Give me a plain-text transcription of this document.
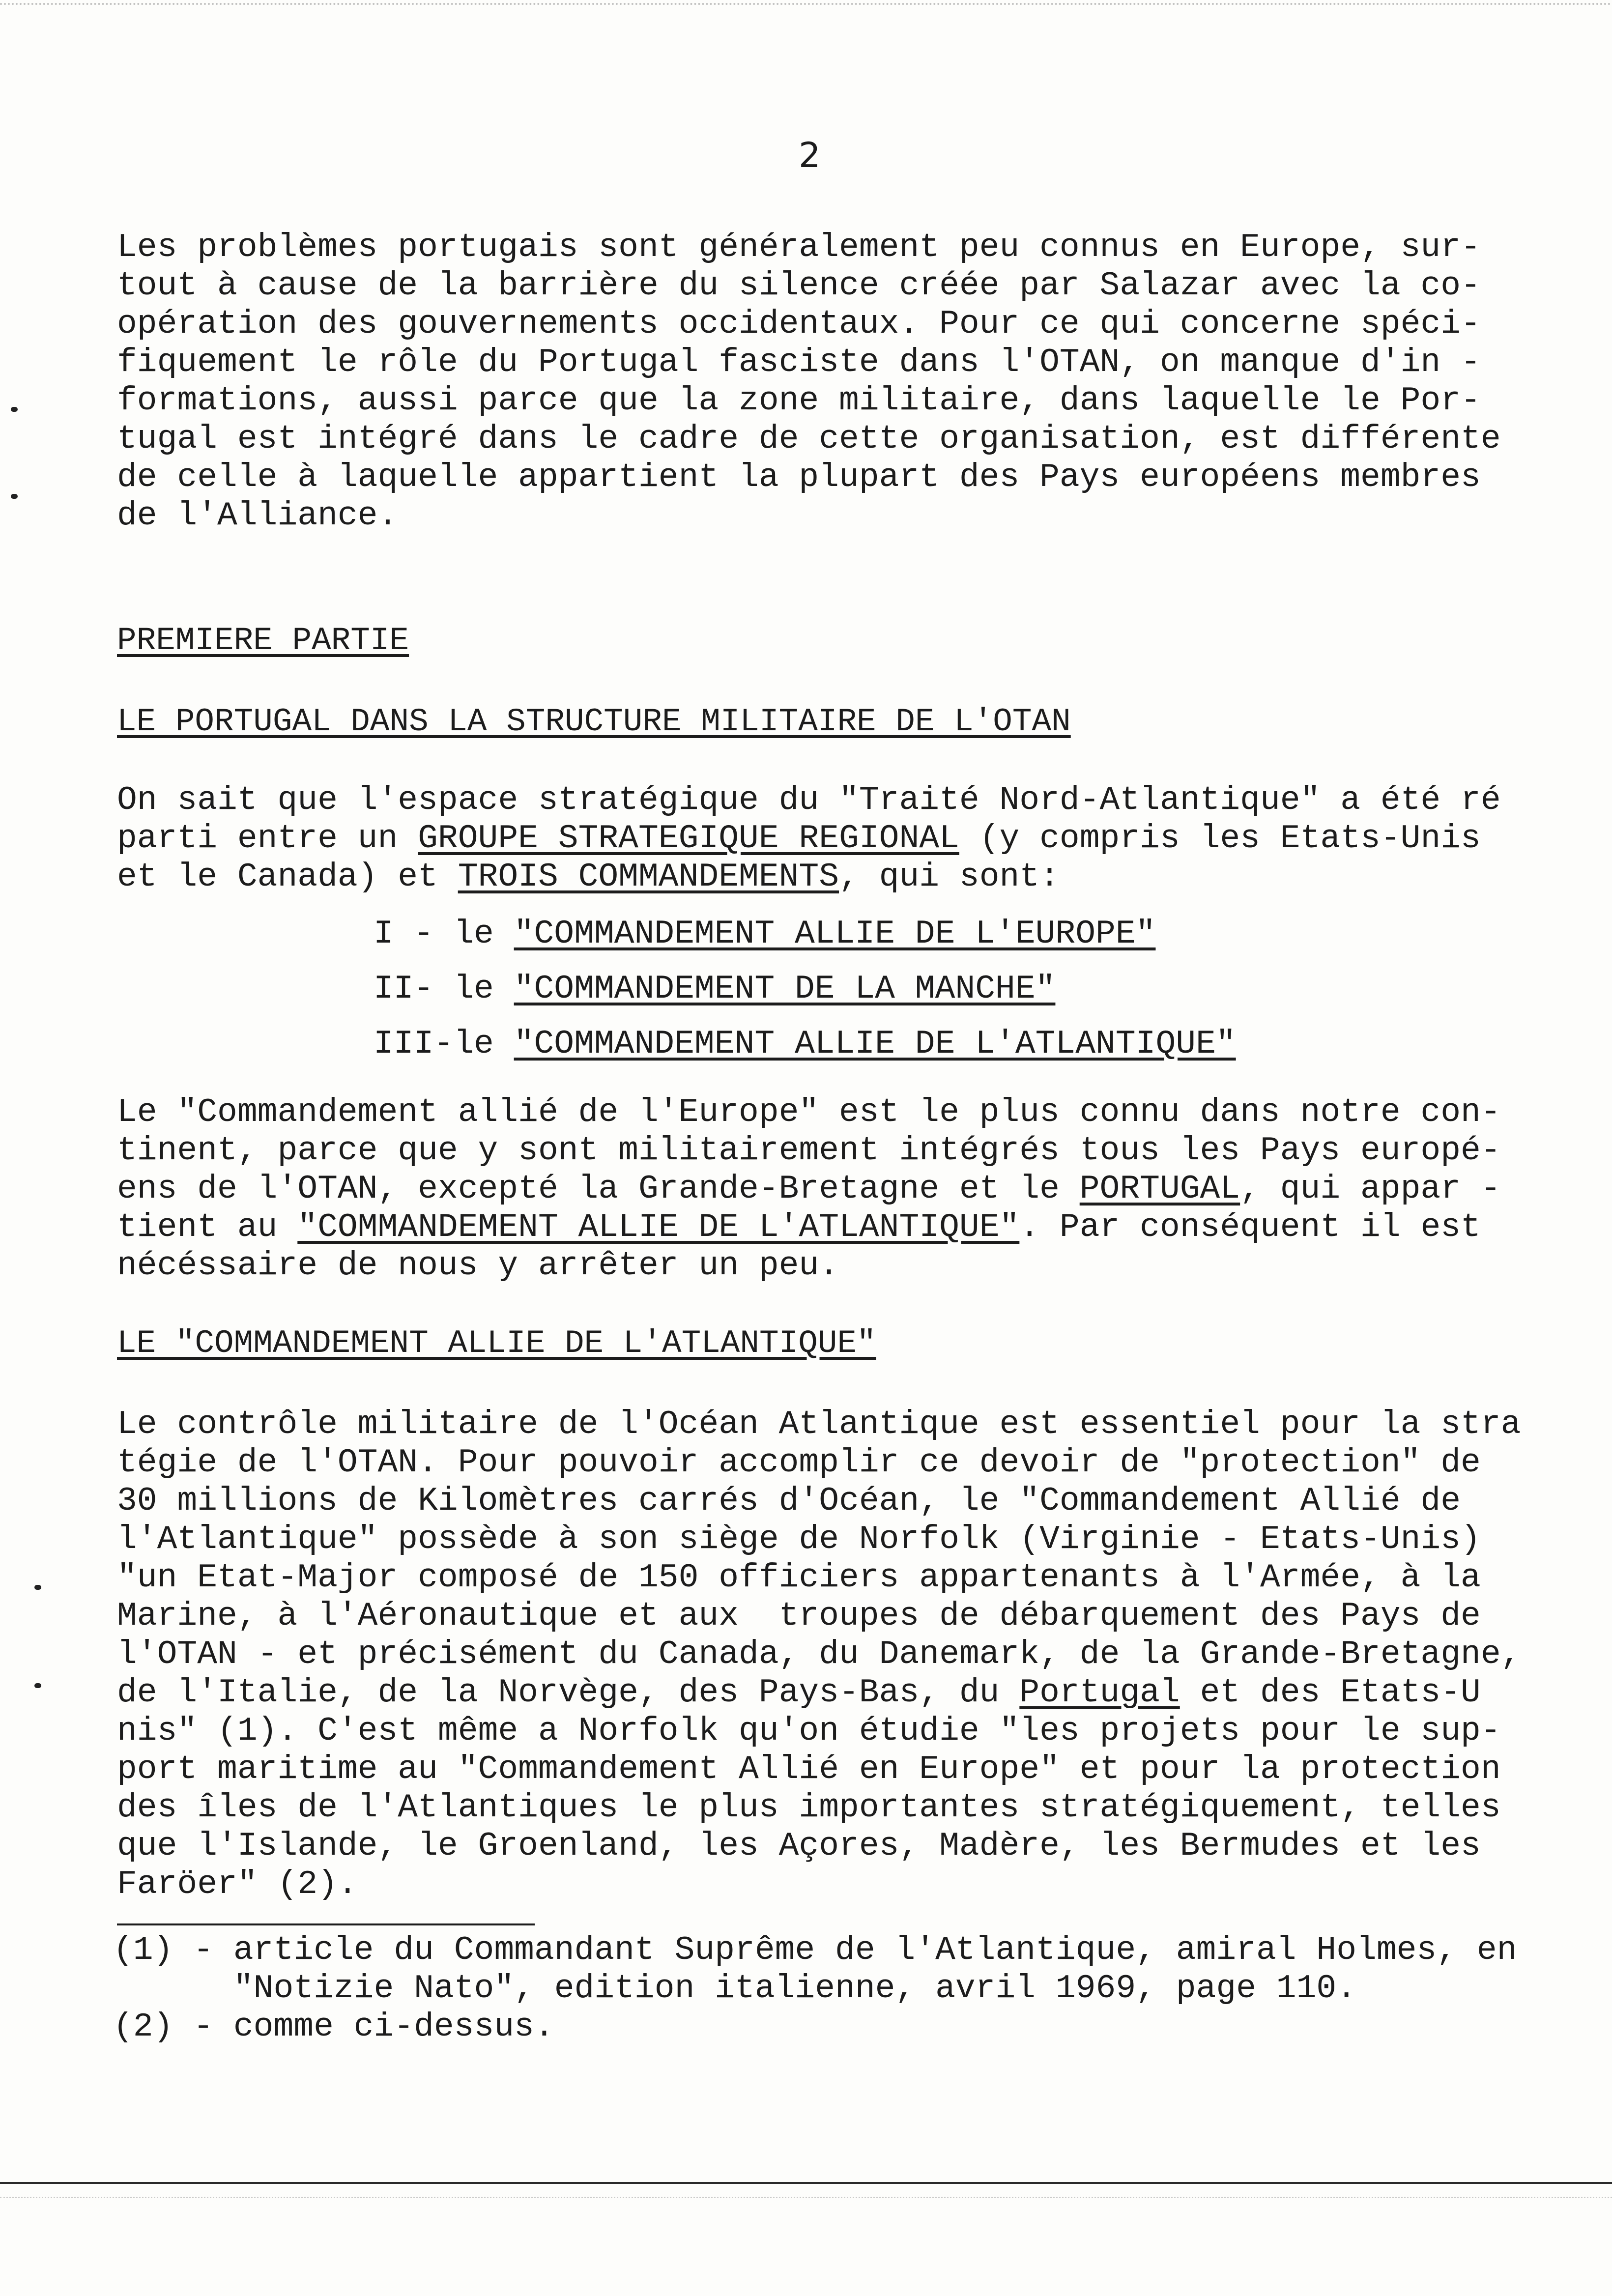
2
Les problèmes portugais sont généralement peu connus en Europe, sur-
tout à cause de la barrière du silence créée par Salazar avec la co-
opération des gouvernements occidentaux. Pour ce qui concerne spéci-
fiquement le rôle du Portugal fasciste dans l'OTAN, on manque d'in -
formations, aussi parce que la zone militaire, dans laquelle le Por-
tugal est intégré dans le cadre de cette organisation, est différente
de celle à laquelle appartient la plupart des Pays européens membres
de l'Alliance.
PREMIERE PARTIE
LE PORTUGAL DANS LA STRUCTURE MILITAIRE DE L'OTAN
On sait que l'espace stratégique du "Traité Nord-Atlantique" a été ré
parti entre un GROUPE STRATEGIQUE REGIONAL (y compris les Etats-Unis
et le Canada) et TROIS COMMANDEMENTS, qui sont:
I - le "COMMANDEMENT ALLIE DE L'EUROPE"
II- le "COMMANDEMENT DE LA MANCHE"
III-le "COMMANDEMENT ALLIE DE L'ATLANTIQUE"
Le "Commandement allié de l'Europe" est le plus connu dans notre con-
tinent, parce que y sont militairement intégrés tous les Pays europé-
ens de l'OTAN, excepté la Grande-Bretagne et le PORTUGAL, qui appar -
tient au "COMMANDEMENT ALLIE DE L'ATLANTIQUE". Par conséquent il est
nécéssaire de nous y arrêter un peu.
LE "COMMANDEMENT ALLIE DE L'ATLANTIQUE"
Le contrôle militaire de l'Océan Atlantique est essentiel pour la stra
tégie de l'OTAN. Pour pouvoir accomplir ce devoir de "protection" de
30 millions de Kilomètres carrés d'Océan, le "Commandement Allié de
l'Atlantique" possède à son siège de Norfolk (Virginie - Etats-Unis)
"un Etat-Major composé de 150 officiers appartenants à l'Armée, à la
Marine, à l'Aéronautique et aux  troupes de débarquement des Pays de
l'OTAN - et précisément du Canada, du Danemark, de la Grande-Bretagne,
de l'Italie, de la Norvège, des Pays-Bas, du Portugal et des Etats-U
nis" (1). C'est même a Norfolk qu'on étudie "les projets pour le sup-
port maritime au "Commandement Allié en Europe" et pour la protection
des îles de l'Atlantiques le plus importantes stratégiquement, telles
que l'Islande, le Groenland, les Açores, Madère, les Bermudes et les
Faröer" (2).
(1) - article du Commandant Suprême de l'Atlantique, amiral Holmes, en
"Notizie Nato", edition italienne, avril 1969, page 110.
(2) - comme ci-dessus.
